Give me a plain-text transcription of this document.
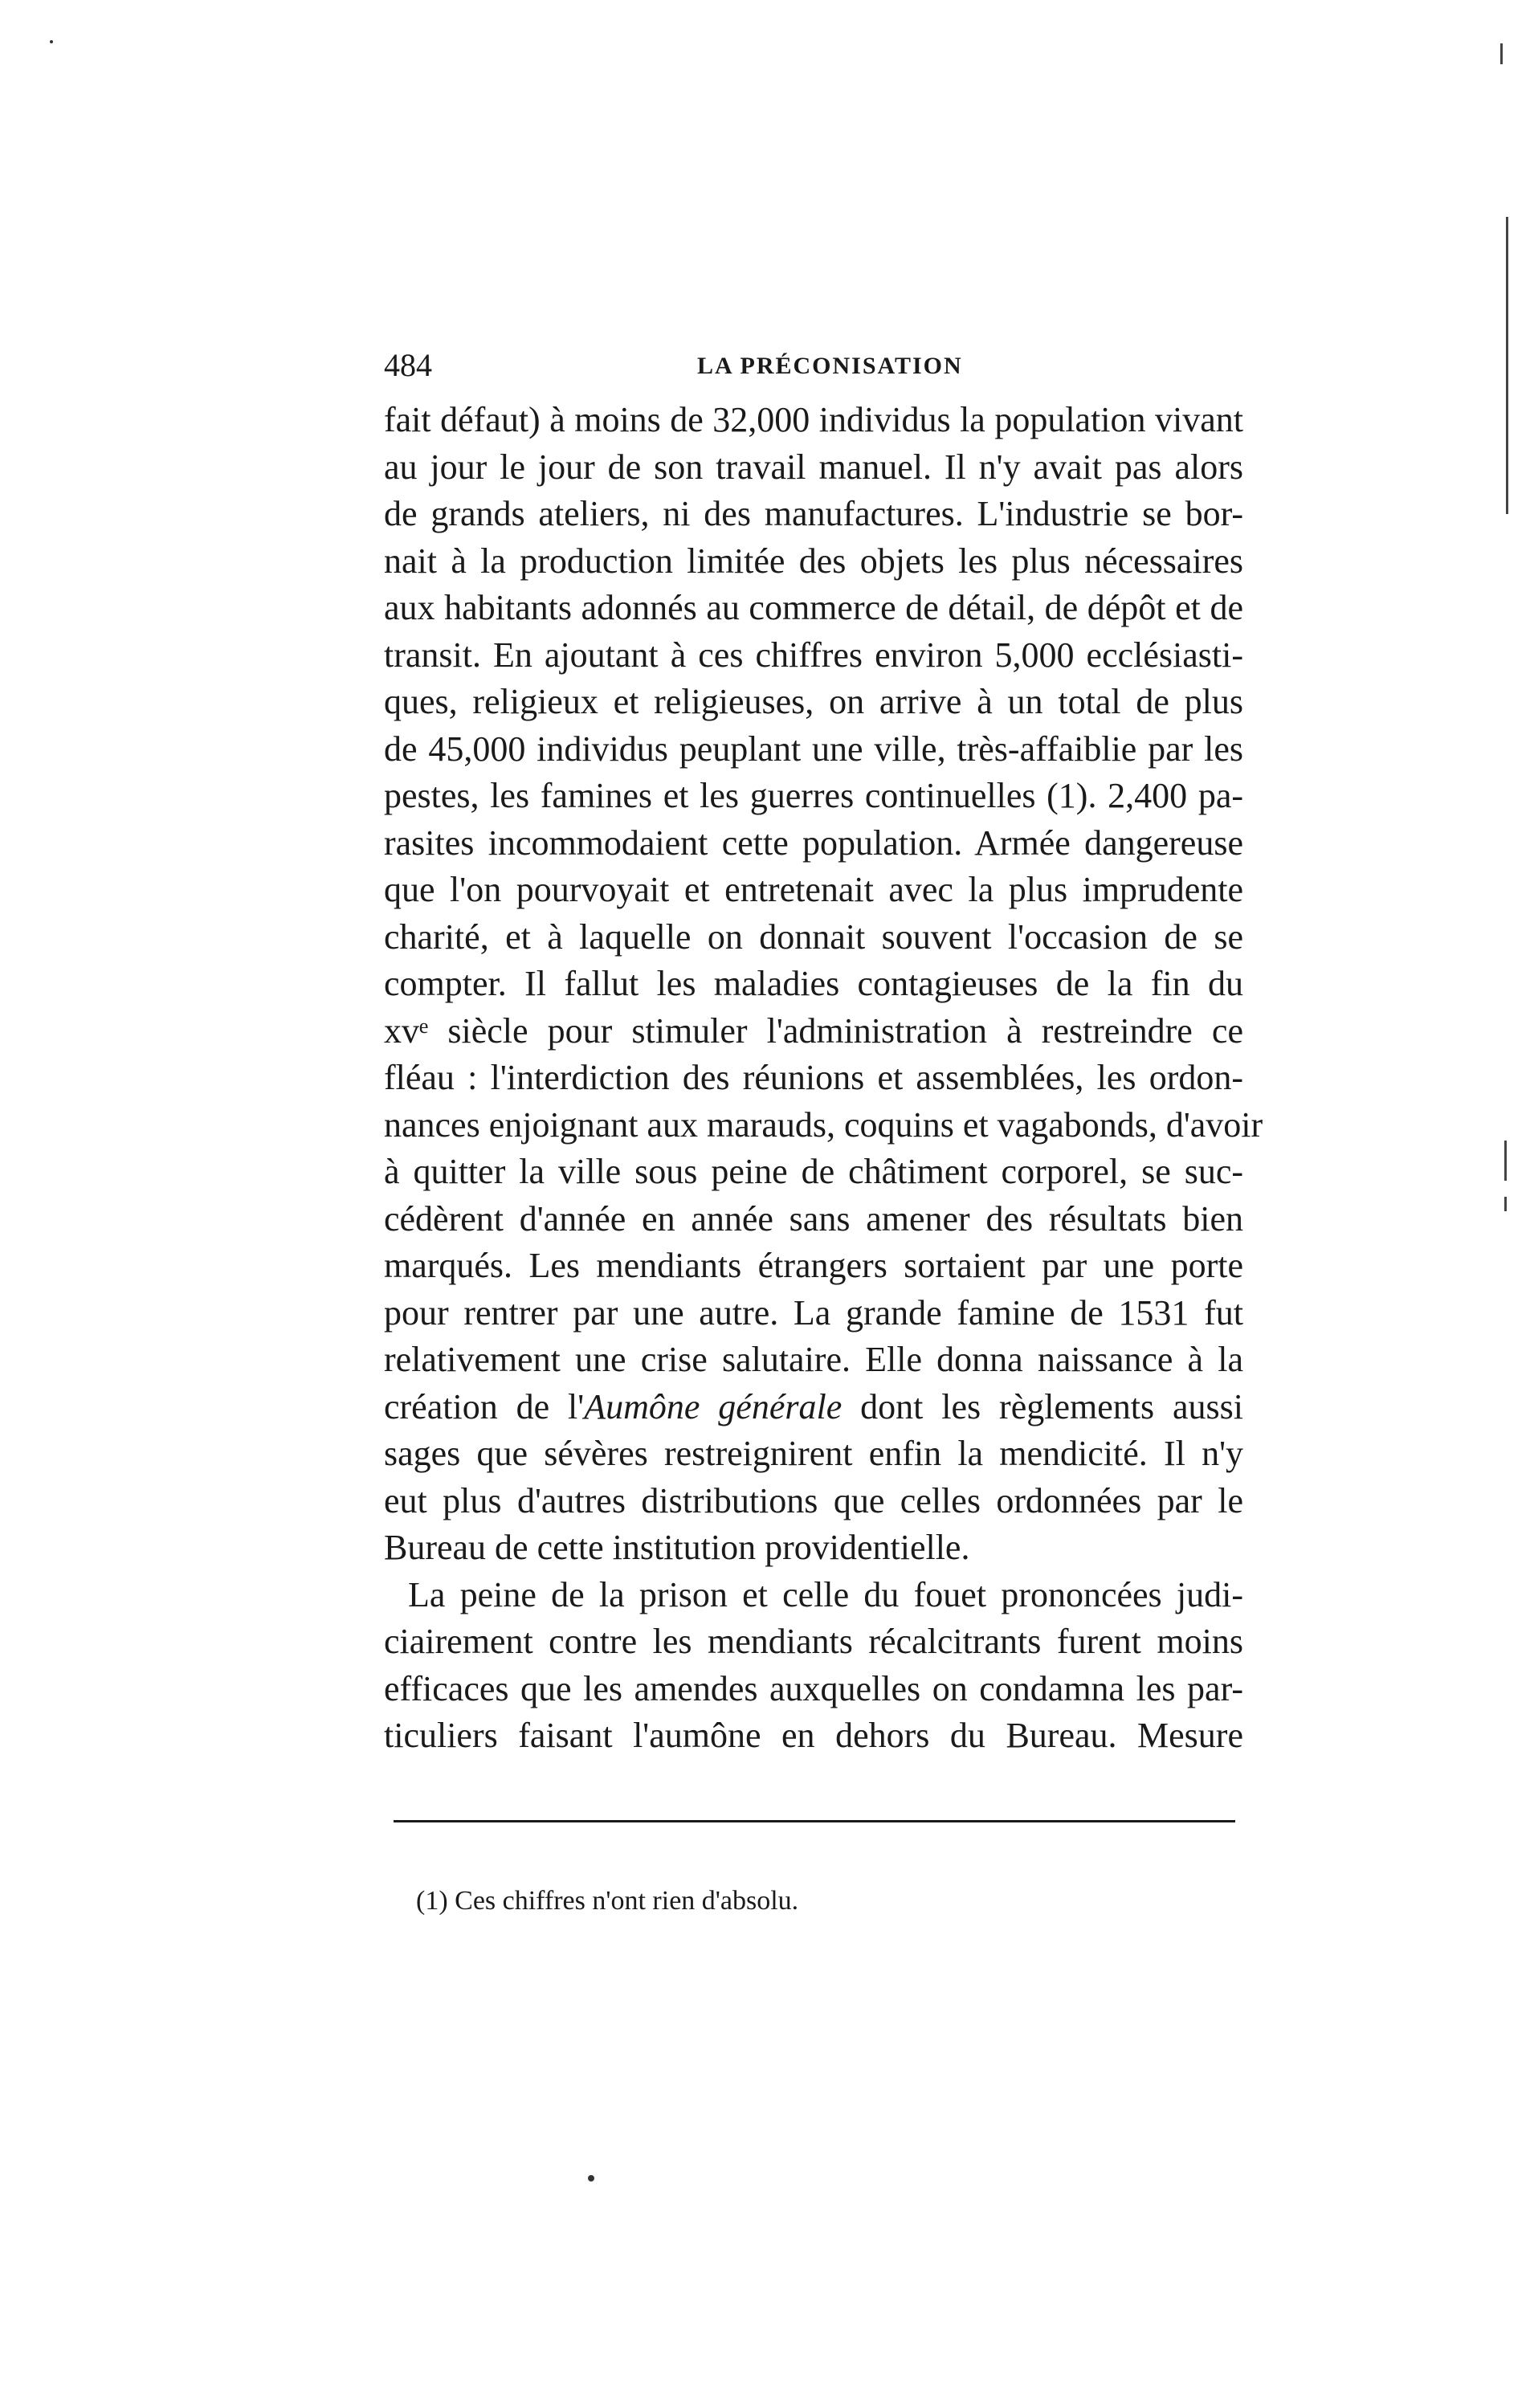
484	LA PRÉCONISATION
fait défaut) à moins de 32,000 individus la population vivant
au jour le jour de son travail manuel. Il n'y avait pas alors
de grands ateliers, ni des manufactures. L'industrie se bor-
nait à la production limitée des objets les plus nécessaires
aux habitants adonnés au commerce de détail, de dépôt et de
transit. En ajoutant à ces chiffres environ 5,000 ecclésiasti-
ques, religieux et religieuses, on arrive à un total de plus
de 45,000 individus peuplant une ville, très-affaiblie par les
pestes, les famines et les guerres continuelles (1). 2,400 pa-
rasites incommodaient cette population. Armée dangereuse
que l'on pourvoyait et entretenait avec la plus imprudente
charité, et à laquelle on donnait souvent l'occasion de se
compter. Il fallut les maladies contagieuses de la fin du
xvᵉ siècle pour stimuler l'administration à restreindre ce
fléau : l'interdiction des réunions et assemblées, les ordon-
nances enjoignant aux marauds, coquins et vagabonds, d'avoir
à quitter la ville sous peine de châtiment corporel, se suc-
cédèrent d'année en année sans amener des résultats bien
marqués. Les mendiants étrangers sortaient par une porte
pour rentrer par une autre. La grande famine de 1531 fut
relativement une crise salutaire. Elle donna naissance à la
création de l'Aumône générale dont les règlements aussi
sages que sévères restreignirent enfin la mendicité. Il n'y
eut plus d'autres distributions que celles ordonnées par le
Bureau de cette institution providentielle.
La peine de la prison et celle du fouet prononcées judi-
ciairement contre les mendiants récalcitrants furent moins
efficaces que les amendes auxquelles on condamna les par-
ticuliers faisant l'aumône en dehors du Bureau. Mesure
(1) Ces chiffres n'ont rien d'absolu.
